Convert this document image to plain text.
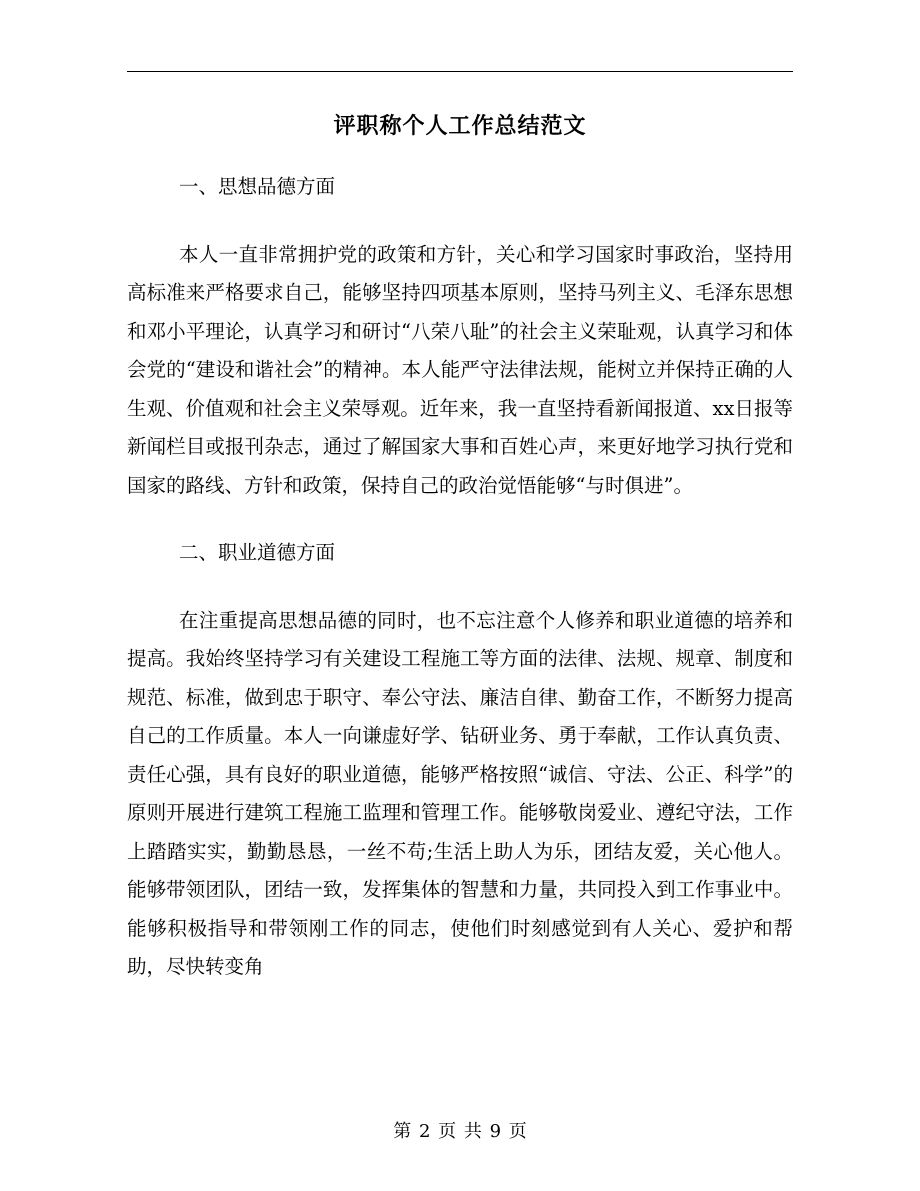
评职称个人工作总结范文

一、思想品德方面

本人一直非常拥护党的政策和方针，关心和学习国家时事政治，坚持用高标准来严格要求自己，能够坚持四项基本原则，坚持马列主义、毛泽东思想和邓小平理论，认真学习和研讨“八荣八耻”的社会主义荣耻观，认真学习和体会党的“建设和谐社会”的精神。本人能严守法律法规，能树立并保持正确的人生观、价值观和社会主义荣辱观。近年来，我一直坚持看新闻报道、xx日报等新闻栏目或报刊杂志，通过了解国家大事和百姓心声，来更好地学习执行党和国家的路线、方针和政策，保持自己的政治觉悟能够“与时俱进”。

二、职业道德方面

在注重提高思想品德的同时，也不忘注意个人修养和职业道德的培养和提高。我始终坚持学习有关建设工程施工等方面的法律、法规、规章、制度和规范、标准，做到忠于职守、奉公守法、廉洁自律、勤奋工作，不断努力提高自己的工作质量。本人一向谦虚好学、钻研业务、勇于奉献，工作认真负责、责任心强，具有良好的职业道德，能够严格按照“诚信、守法、公正、科学”的原则开展进行建筑工程施工监理和管理工作。能够敬岗爱业、遵纪守法，工作上踏踏实实，勤勤恳恳，一丝不苟;生活上助人为乐，团结友爱，关心他人。能够带领团队，团结一致，发挥集体的智慧和力量，共同投入到工作事业中。能够积极指导和带领刚工作的同志，使他们时刻感觉到有人关心、爱护和帮助，尽快转变角

第 2 页 共 9 页
